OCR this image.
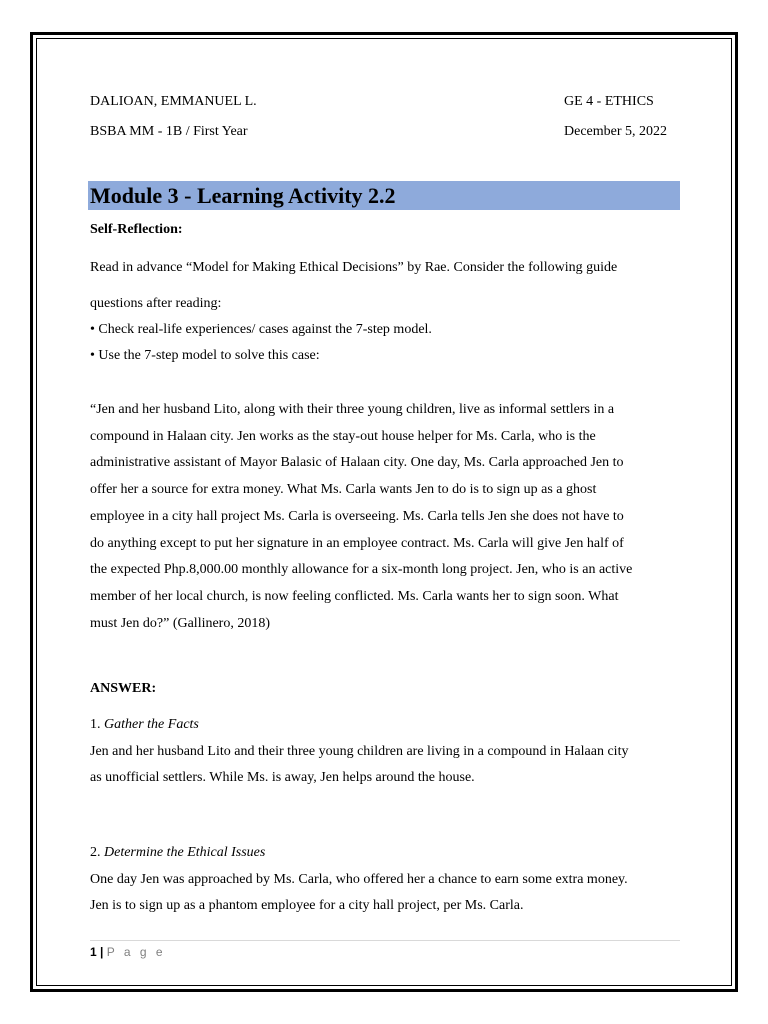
DALIOAN, EMMANUEL L.	GE 4 - ETHICS
BSBA MM - 1B / First Year	December 5, 2022
Module 3 - Learning Activity 2.2
Self-Reflection:
Read in advance “Model for Making Ethical Decisions” by Rae. Consider the following guide
questions after reading:
• Check real-life experiences/ cases against the 7-step model.
• Use the 7-step model to solve this case:
“Jen and her husband Lito, along with their three young children, live as informal settlers in a
compound in Halaan city. Jen works as the stay-out house helper for Ms. Carla, who is the
administrative assistant of Mayor Balasic of Halaan city. One day, Ms. Carla approached Jen to
offer her a source for extra money. What Ms. Carla wants Jen to do is to sign up as a ghost
employee in a city hall project Ms. Carla is overseeing. Ms. Carla tells Jen she does not have to
do anything except to put her signature in an employee contract. Ms. Carla will give Jen half of
the expected Php.8,000.00 monthly allowance for a six-month long project. Jen, who is an active
member of her local church, is now feeling conflicted. Ms. Carla wants her to sign soon. What
must Jen do?” (Gallinero, 2018)
ANSWER:
1. Gather the Facts
Jen and her husband Lito and their three young children are living in a compound in Halaan city
as unofficial settlers. While Ms. is away, Jen helps around the house.
2. Determine the Ethical Issues
One day Jen was approached by Ms. Carla, who offered her a chance to earn some extra money.
Jen is to sign up as a phantom employee for a city hall project, per Ms. Carla.
1 | P a g e
